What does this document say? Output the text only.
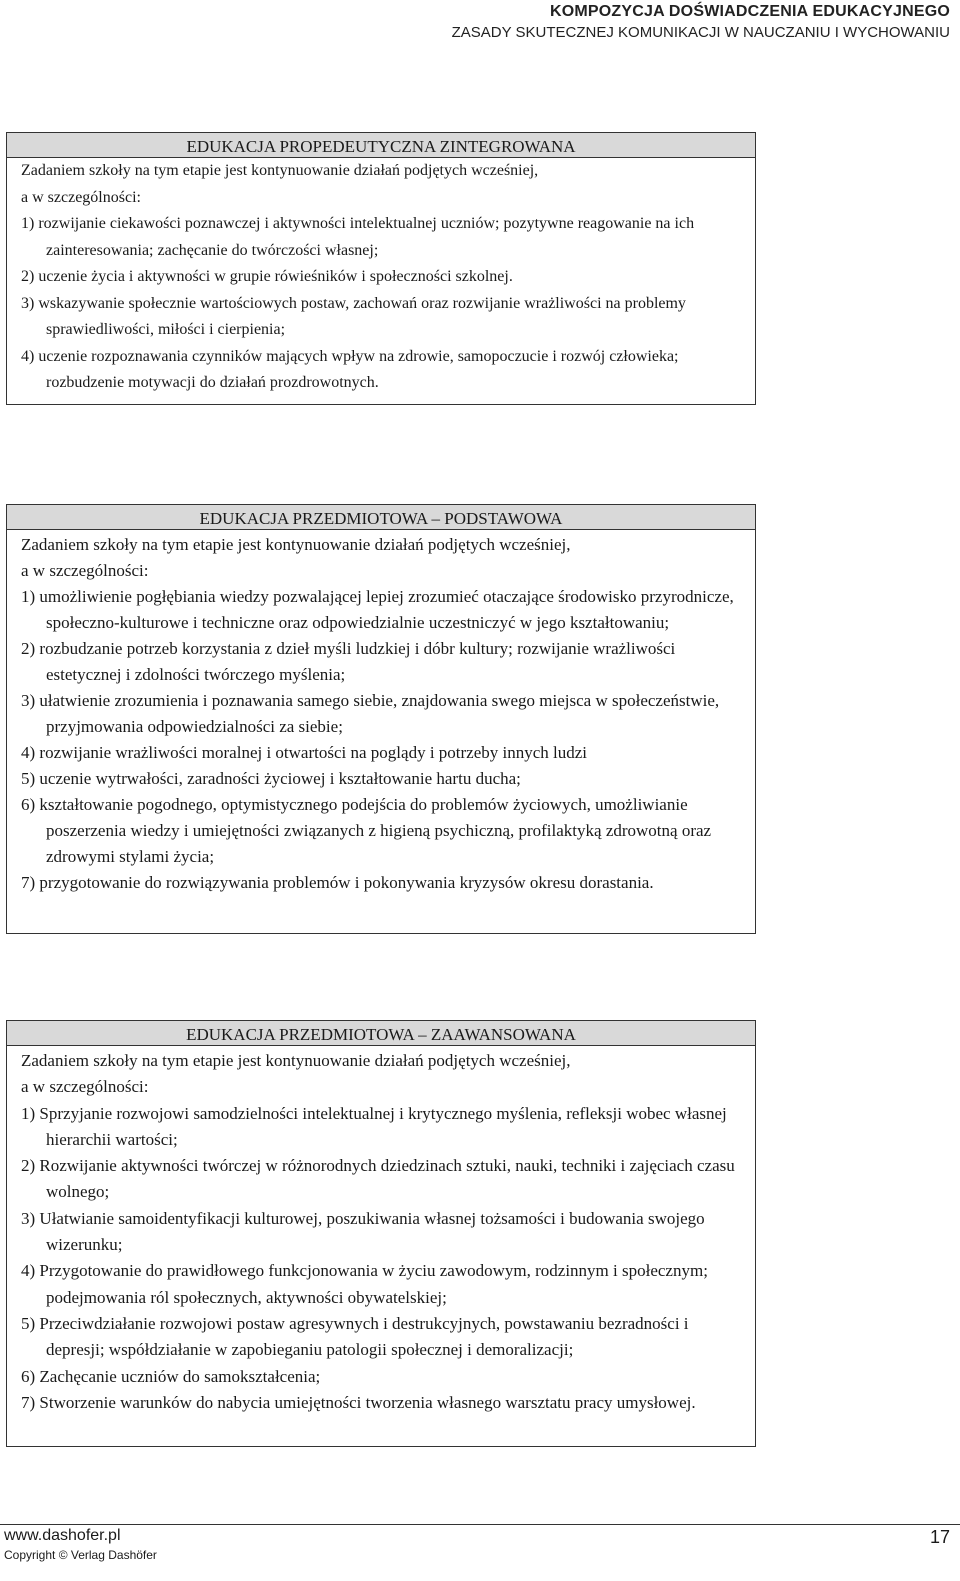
KOMPOZYCJA DOŚWIADCZENIA EDUKACYJNEGO
ZASADY SKUTECZNEJ KOMUNIKACJI W NAUCZANIU I WYCHOWANIU
EDUKACJA PROPEDEUTYCZNA ZINTEGROWANA

Zadaniem szkoły na tym etapie jest kontynuowanie działań podjętych wcześniej,

a w szczególności:

1) rozwijanie ciekawości poznawczej i aktywności intelektualnej uczniów; pozytywne reagowanie na ich zainteresowania; zachęcanie do twórczości własnej;

2) uczenie życia i aktywności w grupie rówieśników i społeczności szkolnej.

3) wskazywanie społecznie wartościowych postaw, zachowań oraz rozwijanie wrażliwości na problemy sprawiedliwości, miłości i cierpienia;

4) uczenie rozpoznawania czynników mających wpływ na zdrowie, samopoczucie i rozwój człowieka; rozbudzenie motywacji do działań prozdrowotnych.

EDUKACJA PRZEDMIOTOWA – PODSTAWOWA

Zadaniem szkoły na tym etapie jest kontynuowanie działań podjętych wcześniej,

a w szczególności:

1) umożliwienie pogłębiania wiedzy pozwalającej lepiej zrozumieć otaczające środowisko przyrodnicze, społeczno-kulturowe i techniczne oraz odpowiedzialnie uczestniczyć w jego kształtowaniu;

2) rozbudzanie potrzeb korzystania z dzieł myśli ludzkiej i dóbr kultury; rozwijanie wrażliwości estetycznej i zdolności twórczego myślenia;

3) ułatwienie zrozumienia i poznawania samego siebie, znajdowania swego miejsca w społeczeństwie, przyjmowania odpowiedzialności za siebie;

4) rozwijanie wrażliwości moralnej i otwartości na poglądy i potrzeby innych ludzi

5) uczenie wytrwałości, zaradności życiowej i kształtowanie hartu ducha;

6) kształtowanie pogodnego, optymistycznego podejścia do problemów życiowych, umożliwianie poszerzenia wiedzy i umiejętności związanych z higieną psychiczną, profilaktyką zdrowotną oraz zdrowymi stylami życia;

7) przygotowanie do rozwiązywania problemów i pokonywania kryzysów okresu dorastania.

EDUKACJA PRZEDMIOTOWA – ZAAWANSOWANA

Zadaniem szkoły na tym etapie jest kontynuowanie działań podjętych wcześniej,

a w szczególności:

1) Sprzyjanie rozwojowi samodzielności intelektualnej i krytycznego myślenia, refleksji wobec własnej hierarchii wartości;

2) Rozwijanie aktywności twórczej w różnorodnych dziedzinach sztuki, nauki, techniki i zajęciach czasu wolnego;

3) Ułatwianie samoidentyfikacji kulturowej, poszukiwania własnej tożsamości i budowania swojego wizerunku;

4) Przygotowanie do prawidłowego funkcjonowania w życiu zawodowym, rodzinnym i społecznym; podejmowania ról społecznych, aktywności obywatelskiej;

5) Przeciwdziałanie rozwojowi postaw agresywnych i destrukcyjnych, powstawaniu bezradności i depresji; współdziałanie w zapobieganiu patologii społecznej i demoralizacji;

6) Zachęcanie uczniów do samokształcenia;

7) Stworzenie warunków do nabycia umiejętności tworzenia własnego warsztatu pracy umysłowej.

www.dashofer.pl
Copyright © Verlag Dashöfer
17
